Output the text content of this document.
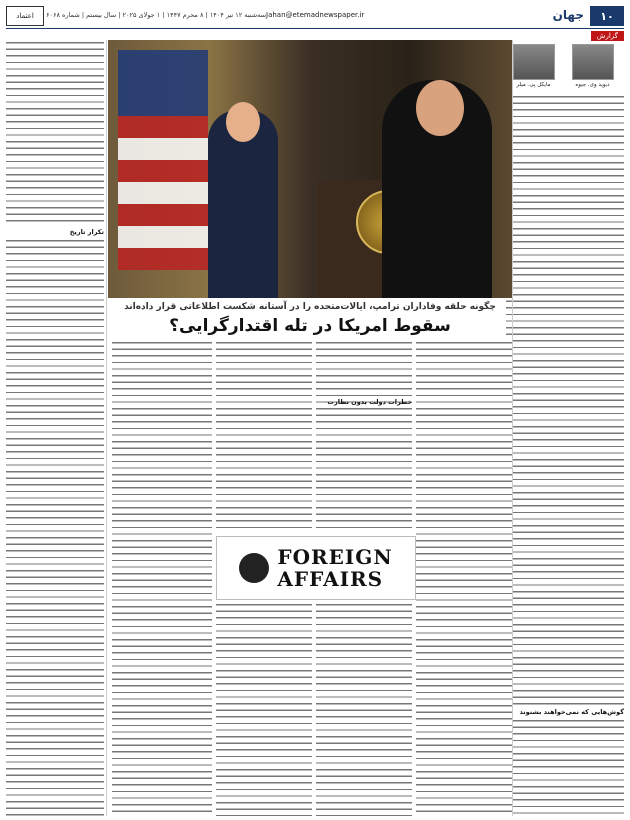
۱۰
جهان
Jahan@etemadnewspaper.ir
سه‌شنبه ۱۲ تیر ۱۴۰۴ | ۸ محرم ۱۴۴۷ | ۱ جولای ۲۰۲۵ | سال بیستم | شماره ۶۰۶۸
اعتماد
گزارش
دیوید وی. جیوه
مایکل پی. میلر
گوش‌هایی که نمی‌خواهند بشنوند
تکرار تاریخ
چگونه حلقه وفاداران ترامپ، ایالات‌متحده را در آستانه شکست اطلاعاتی قرار داده‌اند
سقوط امریکا در تله اقتدارگرایی؟
خطرات دولت بدون نظارت
FOREIGN
AFFAIRS
